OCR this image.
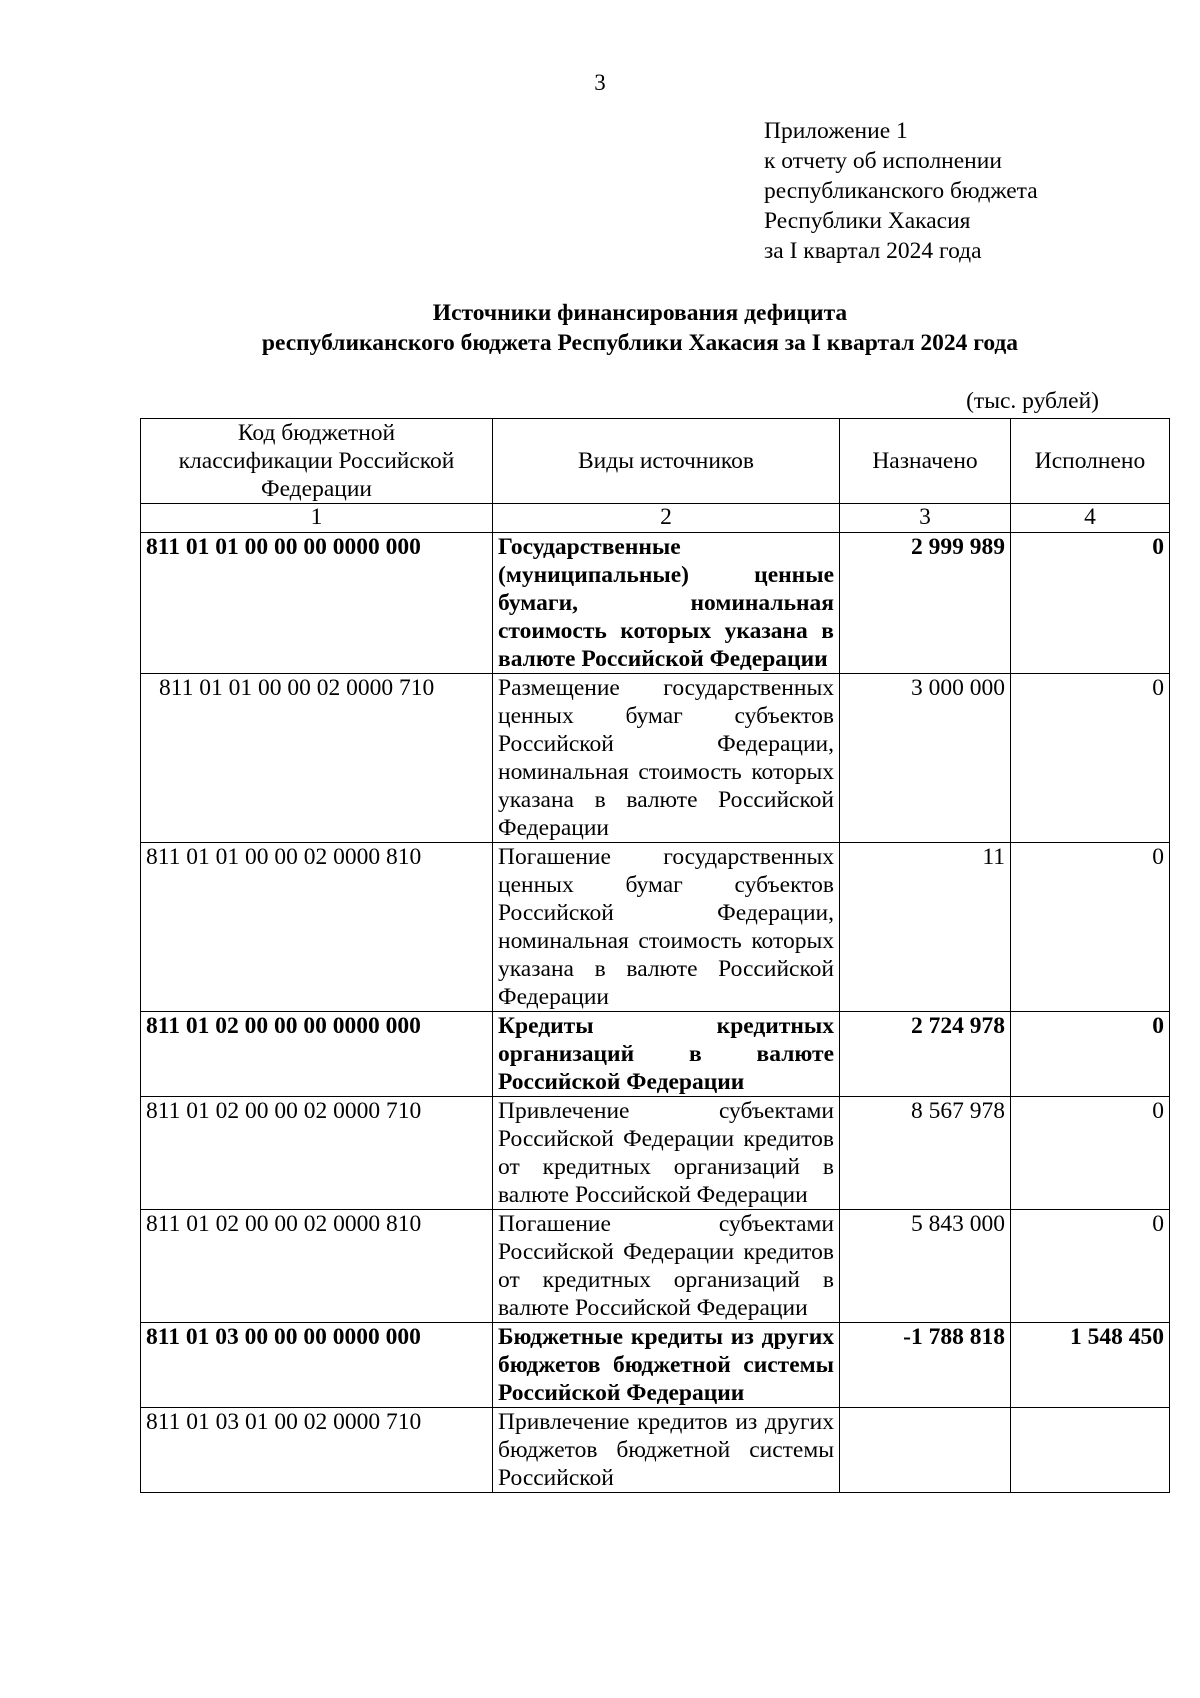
3
Приложение 1
к отчету об исполнении
республиканского бюджета
Республики Хакасия
за I квартал 2024 года
Источники финансирования дефицита
республиканского бюджета Республики Хакасия за I квартал 2024 года
(тыс. рублей)
Код бюджетной классификации Российской Федерации	Виды источников	Назначено	Исполнено
1	2	3	4
811 01 01 00 00 00 0000 000	Государственные (муниципальные) ценные бумаги, номинальная стоимость которых указана в валюте Российской Федерации	2 999 989	0
811 01 01 00 00 02 0000 710	Размещение государственных ценных бумаг субъектов Российской Федерации, номинальная стоимость которых указана в валюте Российской Федерации	3 000 000	0
811 01 01 00 00 02 0000 810	Погашение государственных ценных бумаг субъектов Российской Федерации, номинальная стоимость которых указана в валюте Российской Федерации	11	0
811 01 02 00 00 00 0000 000	Кредиты кредитных организаций в валюте Российской Федерации	2 724 978	0
811 01 02 00 00 02 0000 710	Привлечение субъектами Российской Федерации кредитов от кредитных организаций в валюте Российской Федерации	8 567 978	0
811 01 02 00 00 02 0000 810	Погашение субъектами Российской Федерации кредитов от кредитных организаций в валюте Российской Федерации	5 843 000	0
811 01 03 00 00 00 0000 000	Бюджетные кредиты из других бюджетов бюджетной системы Российской Федерации	-1 788 818	1 548 450
811 01 03 01 00 02 0000 710	Привлечение кредитов из других бюджетов бюджетной системы Российской		
